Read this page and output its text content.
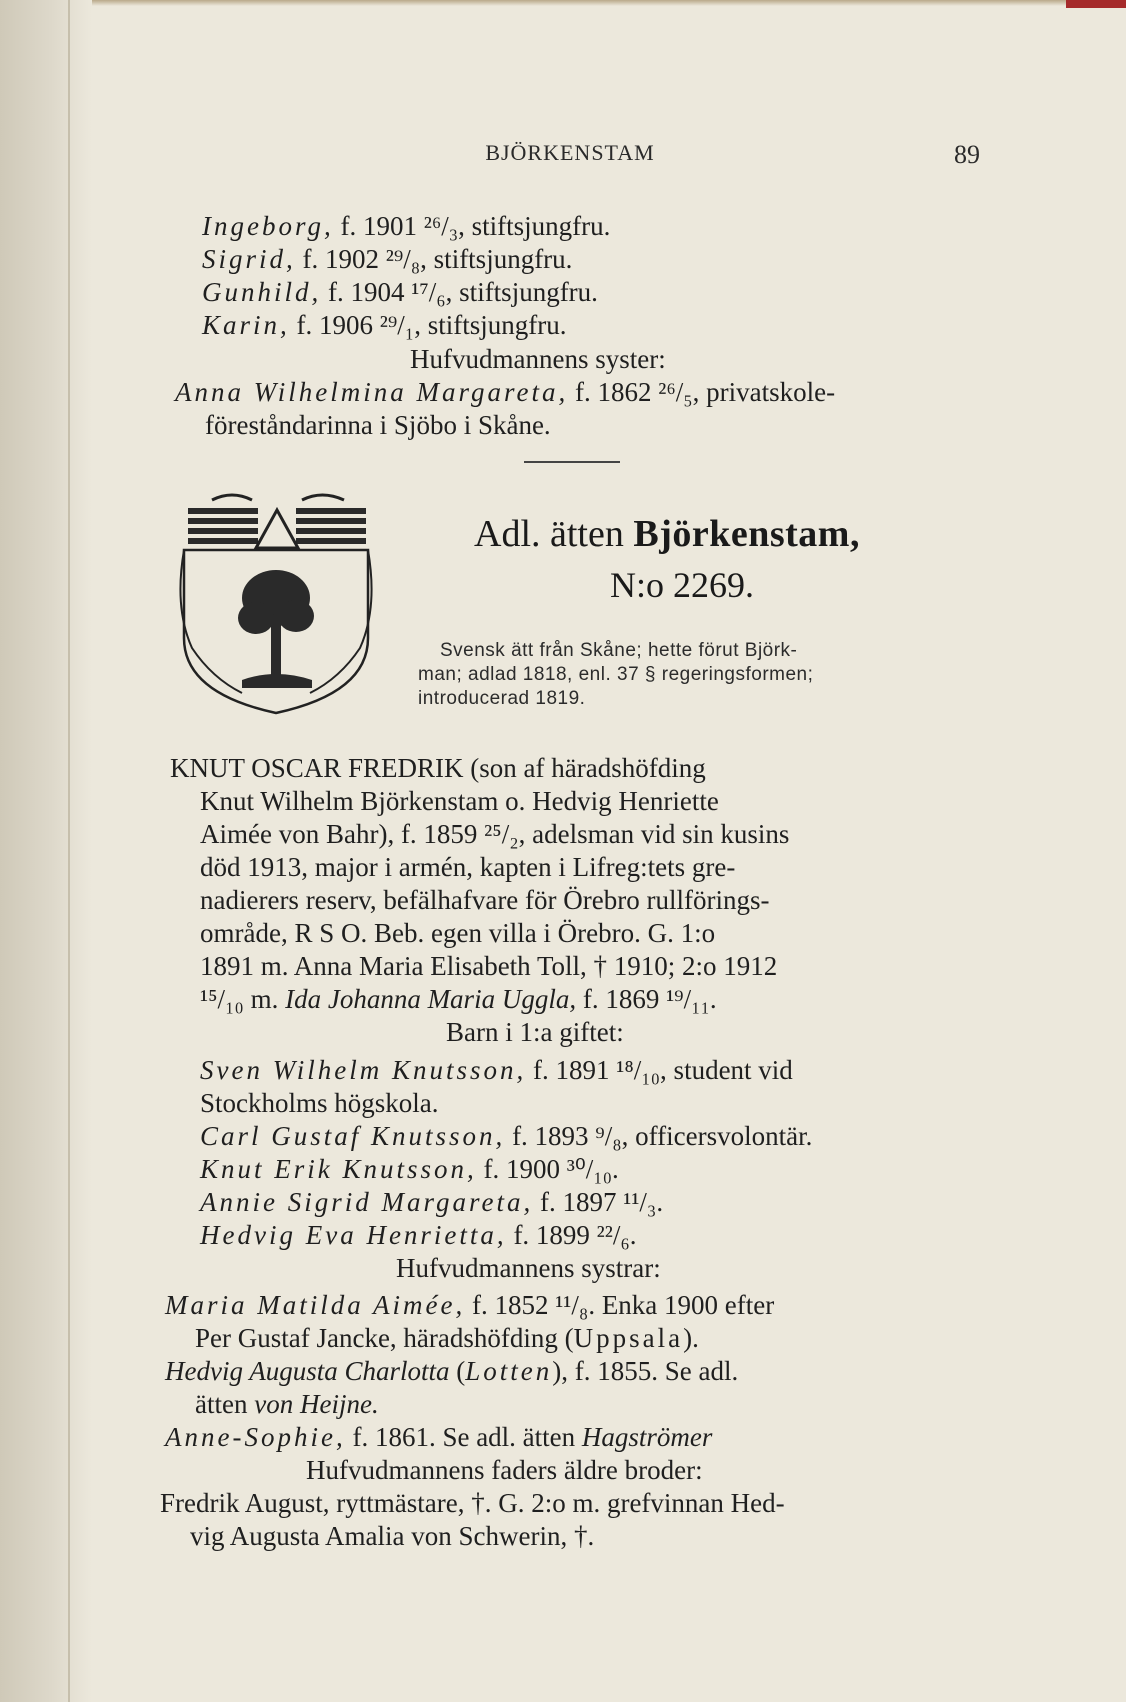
BJÖRKENSTAM	89
Ingeborg, f. 1901 ²⁶/₃, stiftsjungfru.
Sigrid, f. 1902 ²⁹/₈, stiftsjungfru.
Gunhild, f. 1904 ¹⁷/₆, stiftsjungfru.
Karin, f. 1906 ²⁹/₁, stiftsjungfru.
Hufvudmannens syster:
Anna Wilhelmina Margareta, f. 1862 ²⁶/₅, privatskole-
föreståndarinna i Sjöbo i Skåne.
Adl. ätten Björkenstam,
N:o 2269.
Svensk ätt från Skåne; hette förut Björk-
man; adlad 1818, enl. 37 § regeringsformen;
introducerad 1819.
KNUT OSCAR FREDRIK (son af häradshöfding
Knut Wilhelm Björkenstam o. Hedvig Henriette
Aimée von Bahr), f. 1859 ²⁵/₂, adelsman vid sin kusins
död 1913, major i armén, kapten i Lifreg:tets gre-
nadierers reserv, befälhafvare för Örebro rullförings-
område, R S O. Beb. egen villa i Örebro. G. 1:o
1891 m. Anna Maria Elisabeth Toll, † 1910; 2:o 1912
¹⁵/₁₀ m. Ida Johanna Maria Uggla, f. 1869 ¹⁹/₁₁.
Barn i 1:a giftet:
Sven Wilhelm Knutsson, f. 1891 ¹⁸/₁₀, student vid
Stockholms högskola.
Carl Gustaf Knutsson, f. 1893 ⁹/₈, officersvolontär.
Knut Erik Knutsson, f. 1900 ³⁰/₁₀.
Annie Sigrid Margareta, f. 1897 ¹¹/₃.
Hedvig Eva Henrietta, f. 1899 ²²/₆.
Hufvudmannens systrar:
Maria Matilda Aimée, f. 1852 ¹¹/₈. Enka 1900 efter
Per Gustaf Jancke, häradshöfding (Uppsala).
Hedvig Augusta Charlotta (Lotten), f. 1855. Se adl.
ätten von Heijne.
Anne-Sophie, f. 1861. Se adl. ätten Hagströmer
Hufvudmannens faders äldre broder:
Fredrik August, ryttmästare, †. G. 2:o m. grefvinnan Hed-
vig Augusta Amalia von Schwerin, †.
